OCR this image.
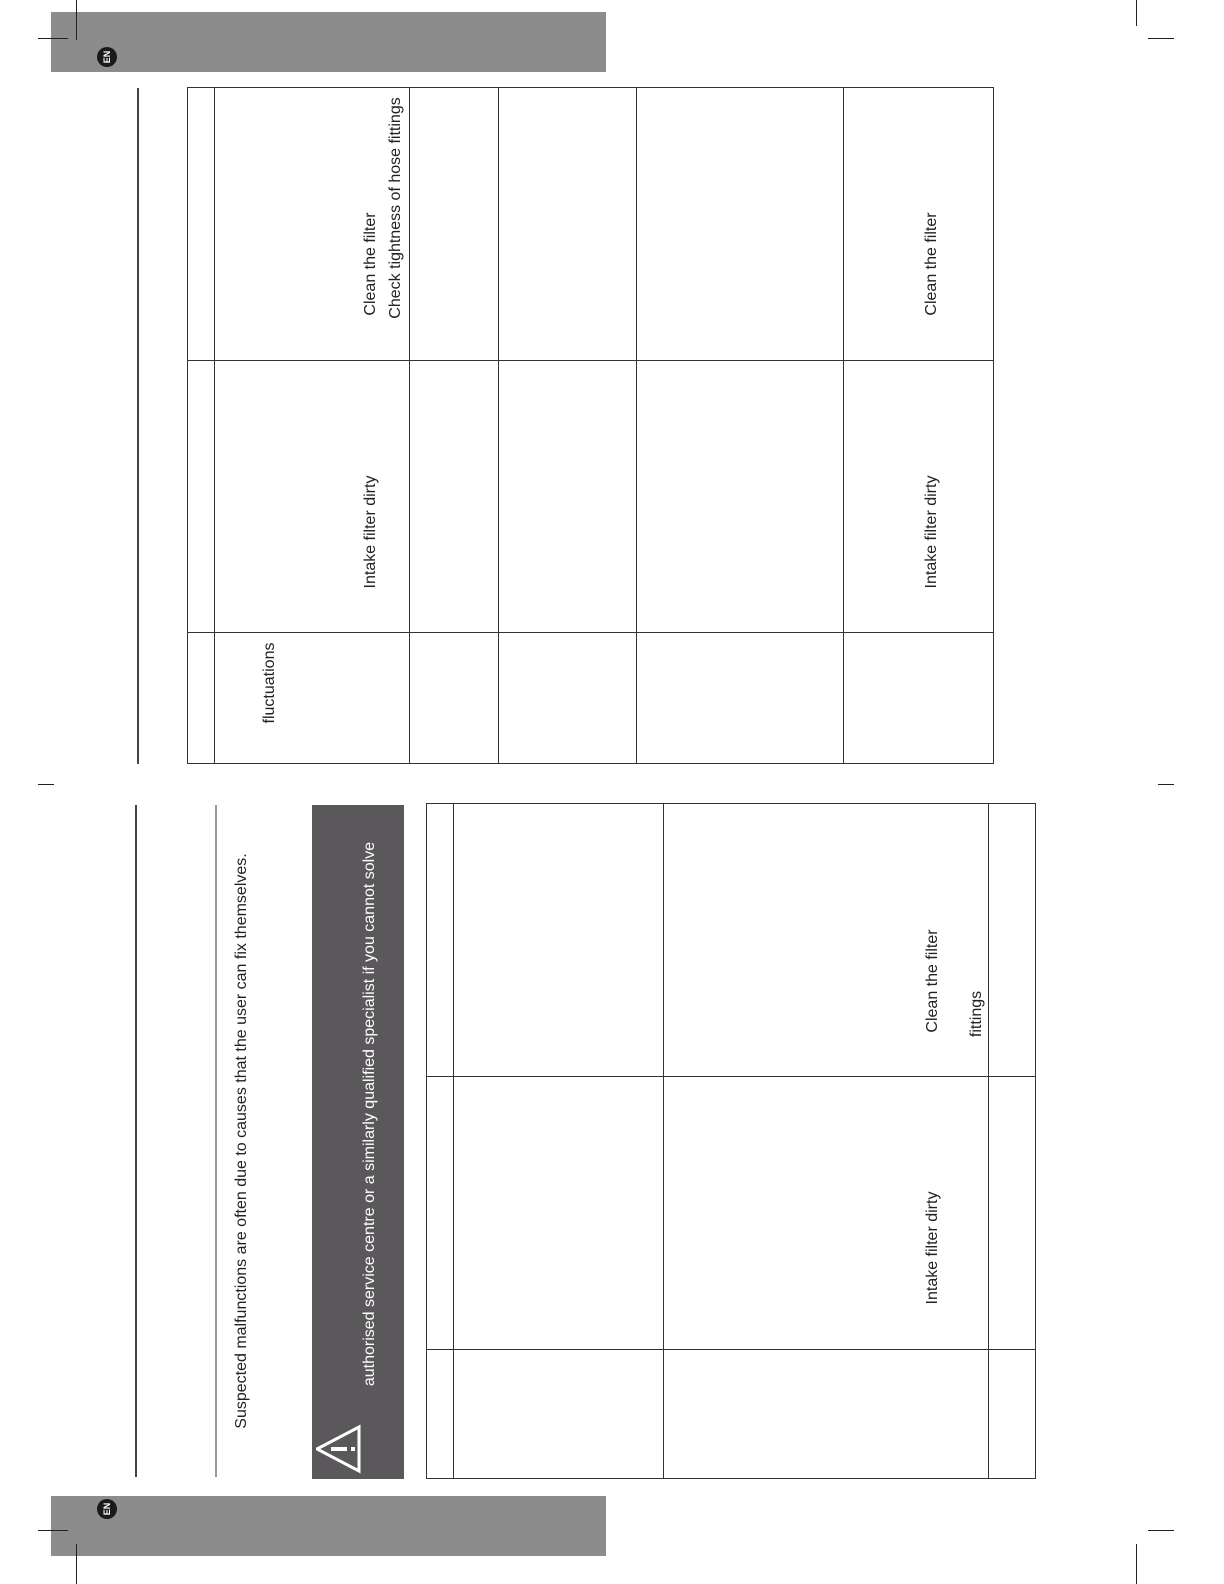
EN
EN
Suspected malfunctions are often due to causes that the user can fix themselves.	authorised service centre or a similarly qualified specialist if you cannot solve
fluctuations
Intake filter dirty
Clean the filter Check tightness of hose fittings
Intake filter dirty
Clean the filter
Intake filter dirty
Clean the filter fittings
